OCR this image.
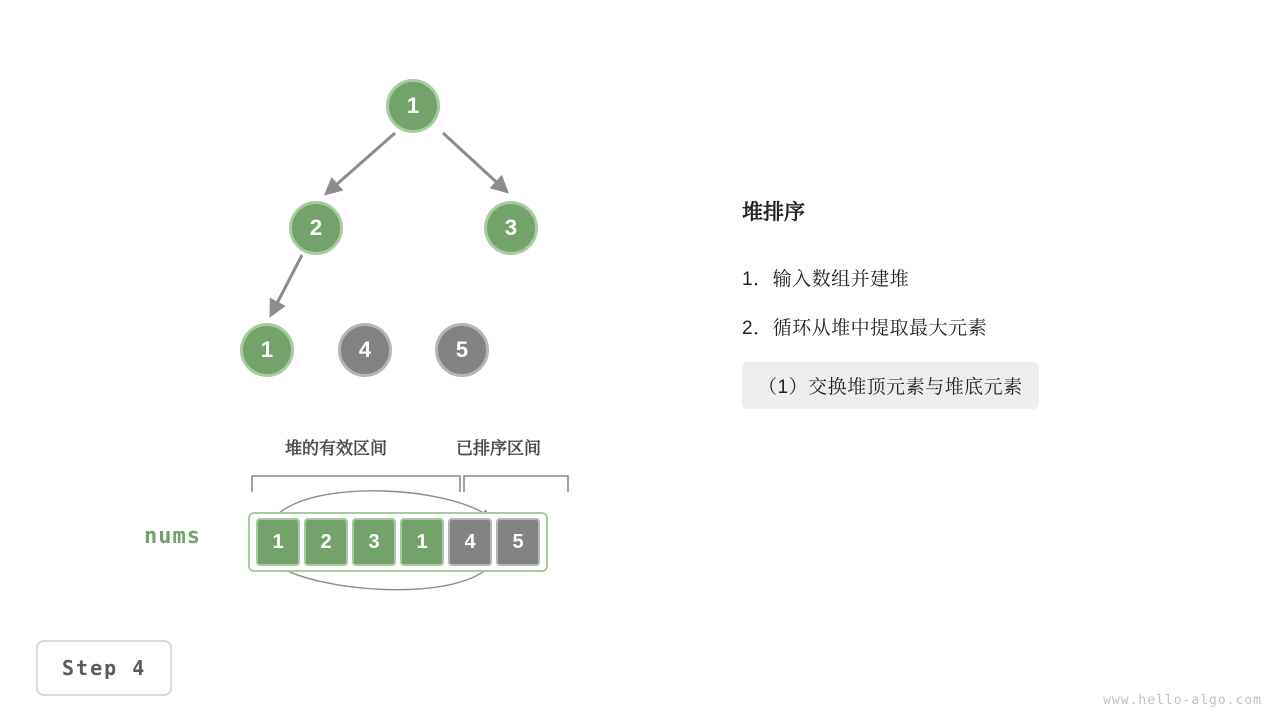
1
2	3
1	4	5
堆的有效区间	已排序区间
nums	1 2 3 1 4 5
堆排序
1．输入数组并建堆
2．循环从堆中提取最大元素
（1）交换堆顶元素与堆底元素
Step 4
www.hello-algo.com
